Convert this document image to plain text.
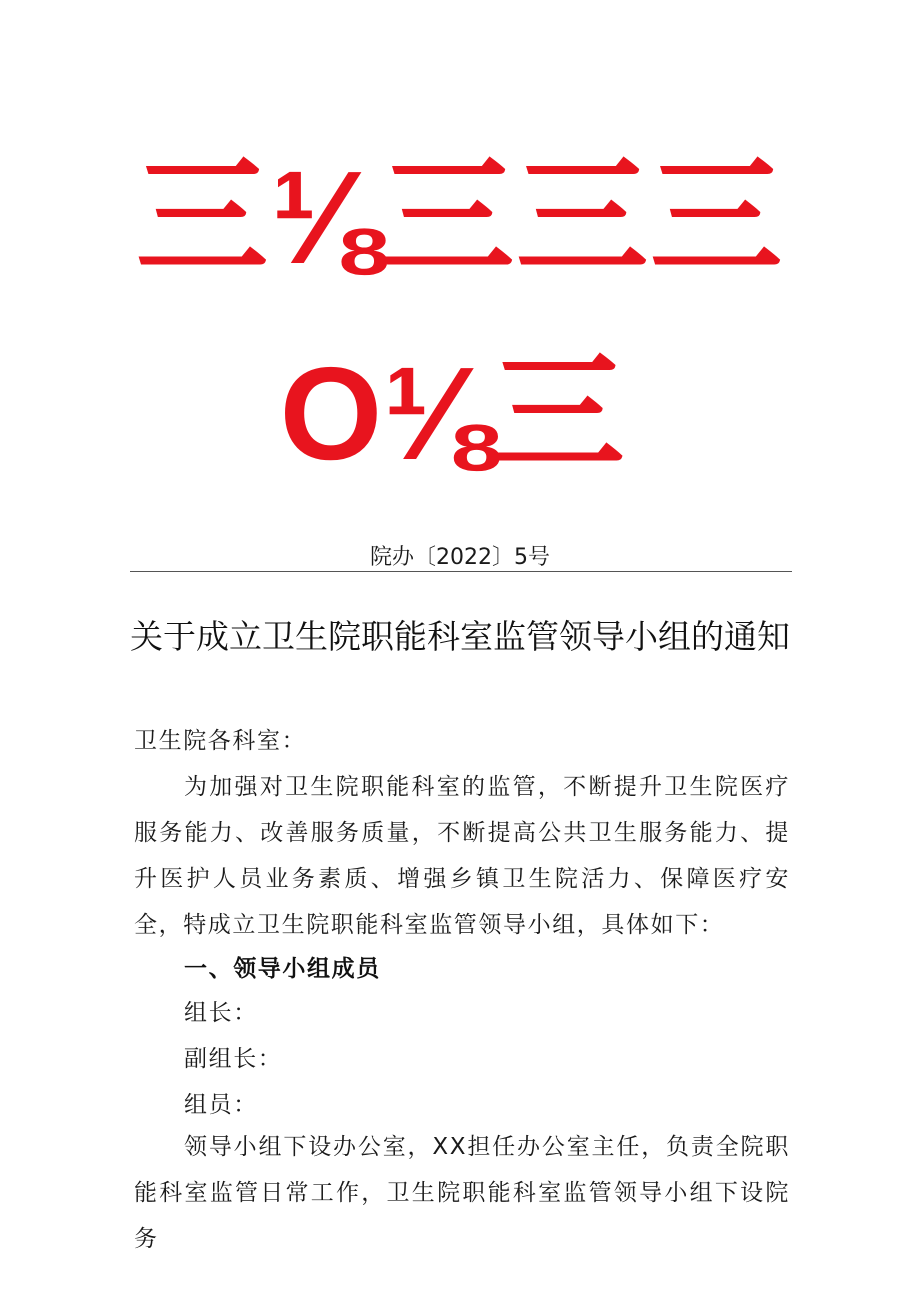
三⅛三三三
O⅛三
院办〔2022〕5号
关于成立卫生院职能科室监管领导小组的通知
卫生院各科室：
为加强对卫生院职能科室的监管，不断提升卫生院医疗服务能力、改善服务质量，不断提高公共卫生服务能力、提升医护人员业务素质、增强乡镇卫生院活力、保障医疗安全，特成立卫生院职能科室监管领导小组，具体如下：
一、领导小组成员
组长：
副组长：
组员：
领导小组下设办公室，XX担任办公室主任，负责全院职能科室监管日常工作，卫生院职能科室监管领导小组下设院务
